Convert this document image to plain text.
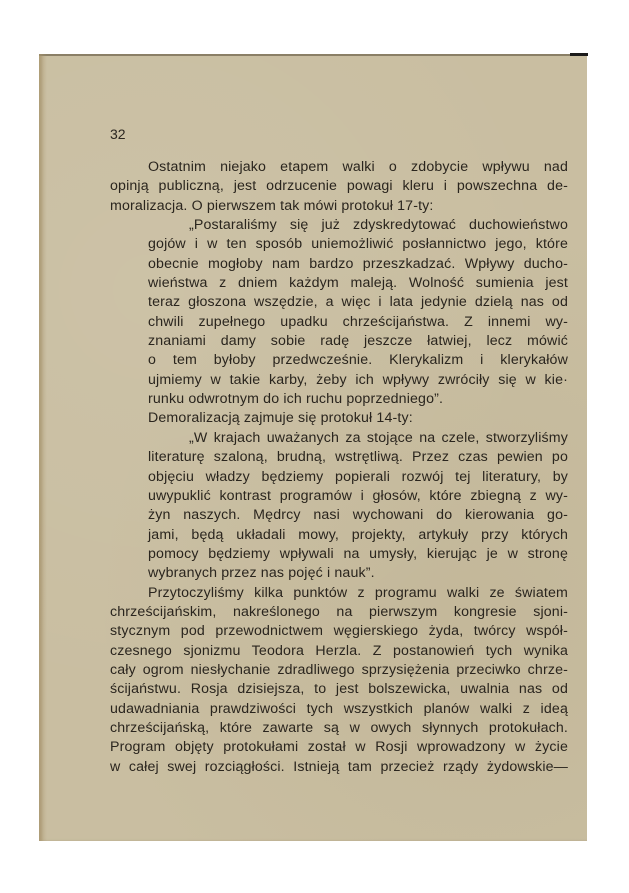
32
Ostatnim niejako etapem walki o zdobycie wpływu nad
opinją publiczną, jest odrzucenie powagi kleru i powszechna de-
moralizacja. O pierwszem tak mówi protokuł 17-ty:
„Postaraliśmy się już zdyskredytować duchowieństwo
gojów i w ten sposób uniemożliwić posłannictwo jego, które
obecnie mogłoby nam bardzo przeszkadzać. Wpływy ducho-
wieństwa z dniem każdym maleją. Wolność sumienia jest
teraz głoszona wszędzie, a więc i lata jedynie dzielą nas od
chwili zupełnego upadku chrześcijaństwa. Z innemi wy-
znaniami damy sobie radę jeszcze łatwiej, lecz mówić
o tem byłoby przedwcześnie. Klerykalizm i klerykałów
ujmiemy w takie karby, żeby ich wpływy zwróciły się w kie·
runku odwrotnym do ich ruchu poprzedniego”.
Demoralizacją zajmuje się protokuł 14-ty:
„W krajach uważanych za stojące na czele, stworzyliśmy
literaturę szaloną, brudną, wstrętliwą. Przez czas pewien po
objęciu władzy będziemy popierali rozwój tej literatury, by
uwypuklić kontrast programów i głosów, które zbiegną z wy-
żyn naszych. Mędrcy nasi wychowani do kierowania go-
jami, będą układali mowy, projekty, artykuły przy których
pomocy będziemy wpływali na umysły, kierując je w stronę
wybranych przez nas pojęć i nauk”.
Przytoczyliśmy kilka punktów z programu walki ze światem
chrześcijańskim, nakreślonego na pierwszym kongresie sjoni-
stycznym pod przewodnictwem węgierskiego żyda, twórcy współ-
czesnego sjonizmu Teodora Herzla. Z postanowień tych wynika
cały ogrom niesłychanie zdradliwego sprzysiężenia przeciwko chrze-
ścijaństwu. Rosja dzisiejsza, to jest bolszewicka, uwalnia nas od
udawadniania prawdziwości tych wszystkich planów walki z ideą
chrześcijańską, które zawarte są w owych słynnych protokułach.
Program objęty protokułami został w Rosji wprowadzony w życie
w całej swej rozciągłości. Istnieją tam przecież rządy żydowskie—
